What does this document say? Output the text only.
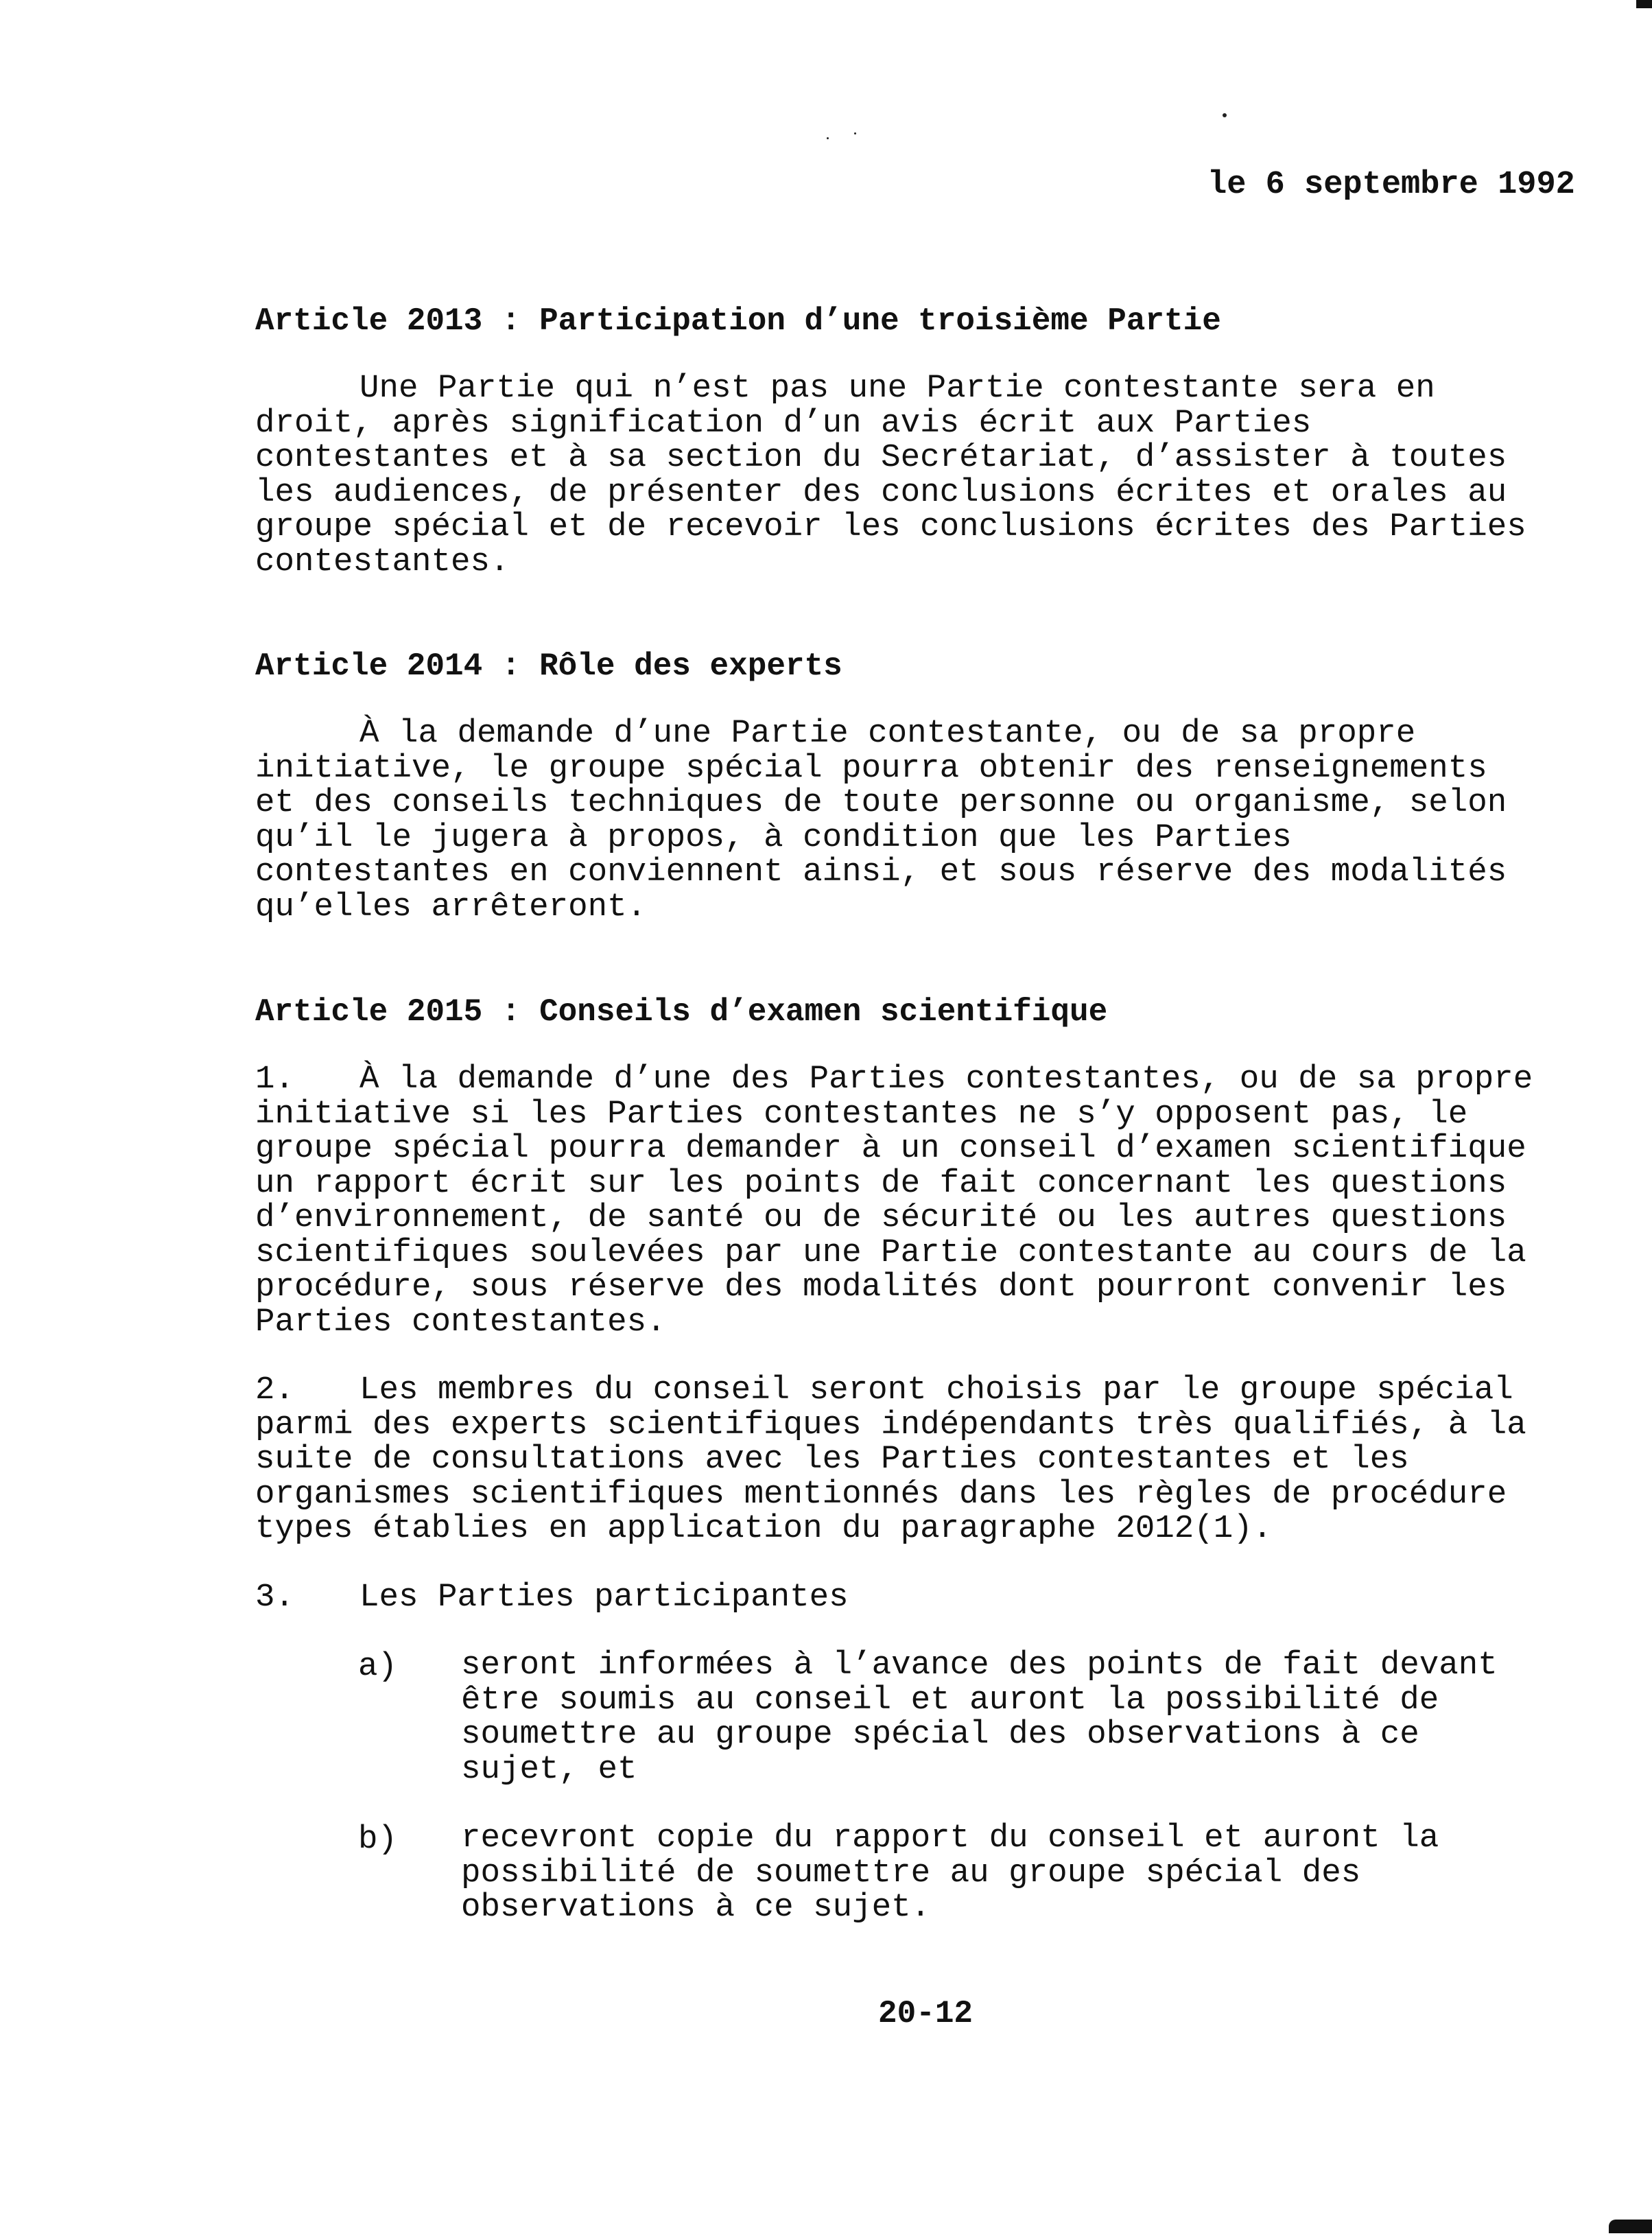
le 6 septembre 1992
Article 2013 : Participation d’une troisième Partie
Une Partie qui n’est pas une Partie contestante sera en
droit, après signification d’un avis écrit aux Parties
contestantes et à sa section du Secrétariat, d’assister à toutes
les audiences, de présenter des conclusions écrites et orales au
groupe spécial et de recevoir les conclusions écrites des Parties
contestantes.
Article 2014 : Rôle des experts
À la demande d’une Partie contestante, ou de sa propre
initiative, le groupe spécial pourra obtenir des renseignements
et des conseils techniques de toute personne ou organisme, selon
qu’il le jugera à propos, à condition que les Parties
contestantes en conviennent ainsi, et sous réserve des modalités
qu’elles arrêteront.
Article 2015 : Conseils d’examen scientifique
1.	À la demande d’une des Parties contestantes, ou de sa propre
initiative si les Parties contestantes ne s’y opposent pas, le
groupe spécial pourra demander à un conseil d’examen scientifique
un rapport écrit sur les points de fait concernant les questions
d’environnement, de santé ou de sécurité ou les autres questions
scientifiques soulevées par une Partie contestante au cours de la
procédure, sous réserve des modalités dont pourront convenir les
Parties contestantes.
2.	Les membres du conseil seront choisis par le groupe spécial
parmi des experts scientifiques indépendants très qualifiés, à la
suite de consultations avec les Parties contestantes et les
organismes scientifiques mentionnés dans les règles de procédure
types établies en application du paragraphe 2012(1).
3.	Les Parties participantes
a) seront informées à l’avance des points de fait devant
être soumis au conseil et auront la possibilité de
soumettre au groupe spécial des observations à ce
sujet, et
b) recevront copie du rapport du conseil et auront la
possibilité de soumettre au groupe spécial des
observations à ce sujet.
20-12
